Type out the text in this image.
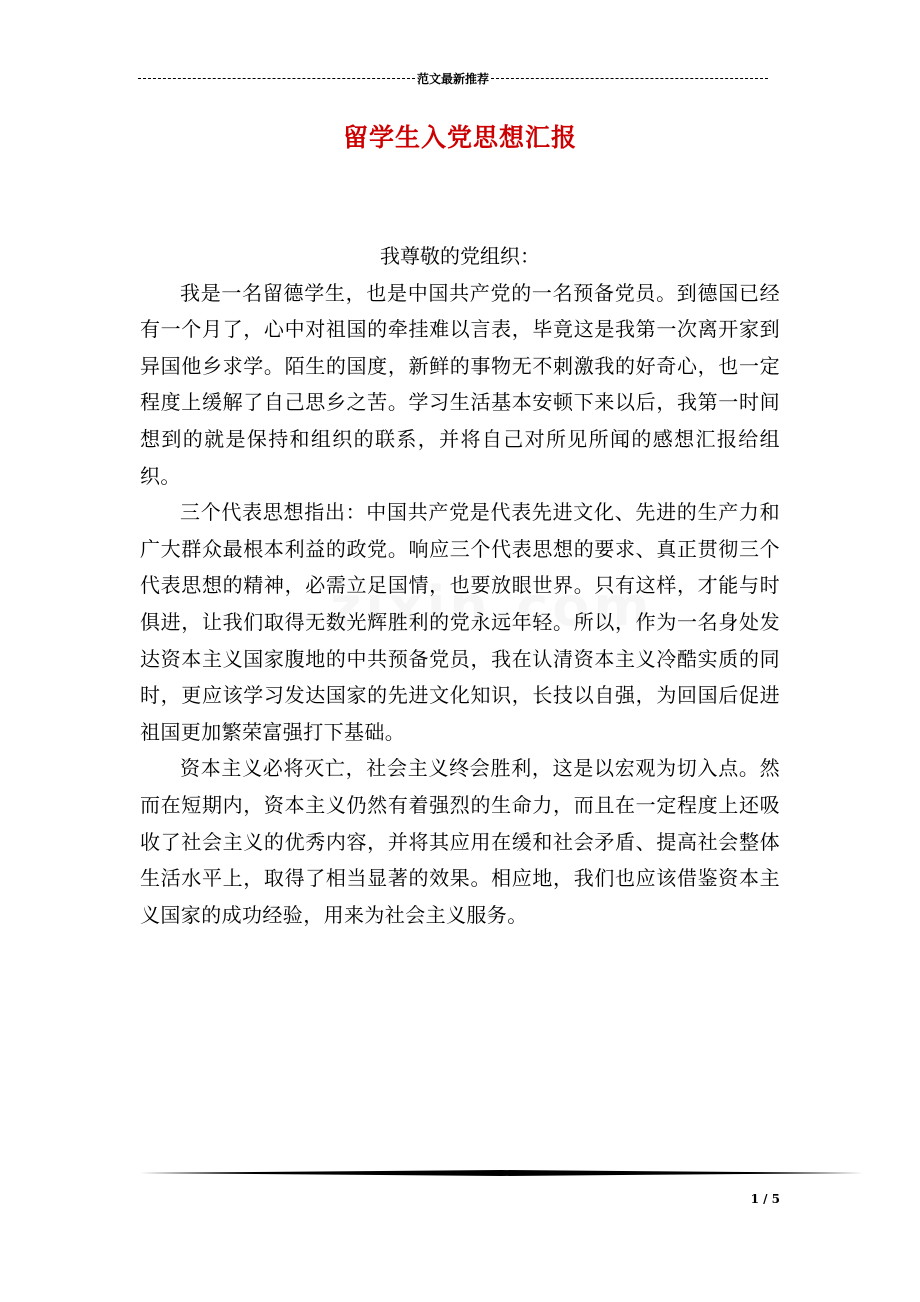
范文最新推荐
留学生入党思想汇报

我尊敬的党组织：

我是一名留德学生，也是中国共产党的一名预备党员。到德国已经有一个月了，心中对祖国的牵挂难以言表，毕竟这是我第一次离开家到异国他乡求学。陌生的国度，新鲜的事物无不刺激我的好奇心，也一定程度上缓解了自己思乡之苦。学习生活基本安顿下来以后，我第一时间想到的就是保持和组织的联系，并将自己对所见所闻的感想汇报给组织。

三个代表思想指出：中国共产党是代表先进文化、先进的生产力和广大群众最根本利益的政党。响应三个代表思想的要求、真正贯彻三个代表思想的精神，必需立足国情，也要放眼世界。只有这样，才能与时俱进，让我们取得无数光辉胜利的党永远年轻。所以，作为一名身处发达资本主义国家腹地的中共预备党员，我在认清资本主义冷酷实质的同时，更应该学习发达国家的先进文化知识，长技以自强，为回国后促进祖国更加繁荣富强打下基础。

资本主义必将灭亡，社会主义终会胜利，这是以宏观为切入点。然而在短期内，资本主义仍然有着强烈的生命力，而且在一定程度上还吸收了社会主义的优秀内容，并将其应用在缓和社会矛盾、提高社会整体生活水平上，取得了相当显著的效果。相应地，我们也应该借鉴资本主义国家的成功经验，用来为社会主义服务。

1 / 5
